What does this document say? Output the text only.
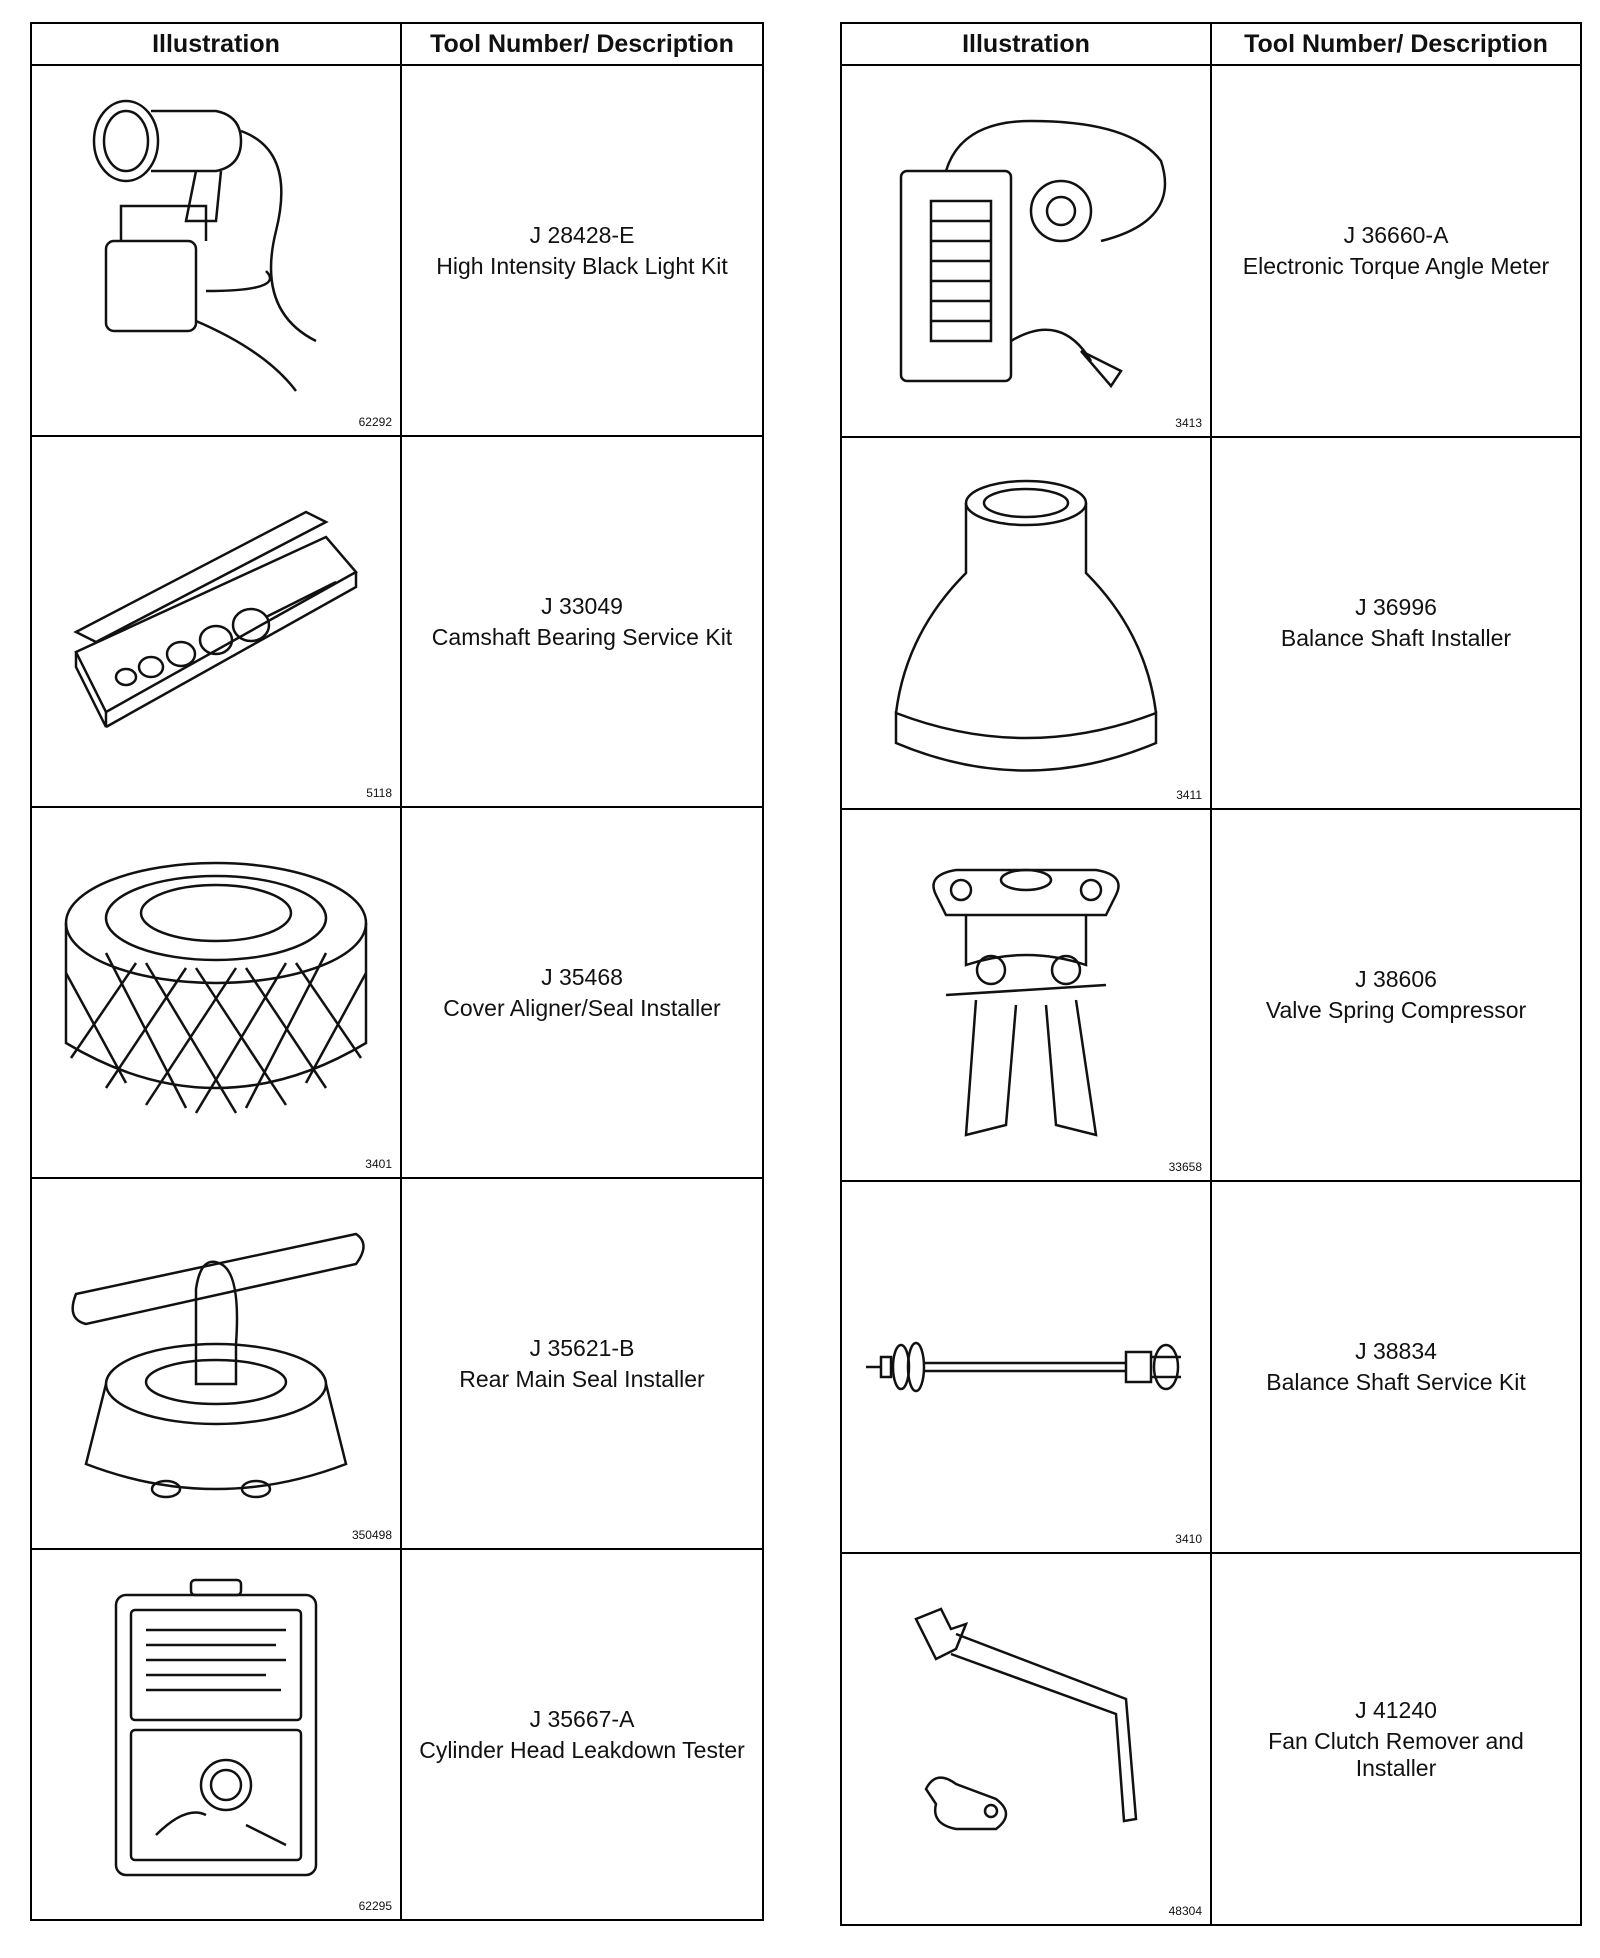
Illustration	Tool Number/ Description

62292	J 28428-E
High Intensity Black Light Kit

5118	J 33049
Camshaft Bearing Service Kit

3401	J 35468
Cover Aligner/Seal Installer

350498	J 35621-B
Rear Main Seal Installer

62295	J 35667-A
Cylinder Head Leakdown Tester
Illustration	Tool Number/ Description

3413	J 36660-A
Electronic Torque Angle Meter

3411	J 36996
Balance Shaft Installer

33658	J 38606
Valve Spring Compressor

3410	J 38834
Balance Shaft Service Kit

48304	J 41240
Fan Clutch Remover and Installer
